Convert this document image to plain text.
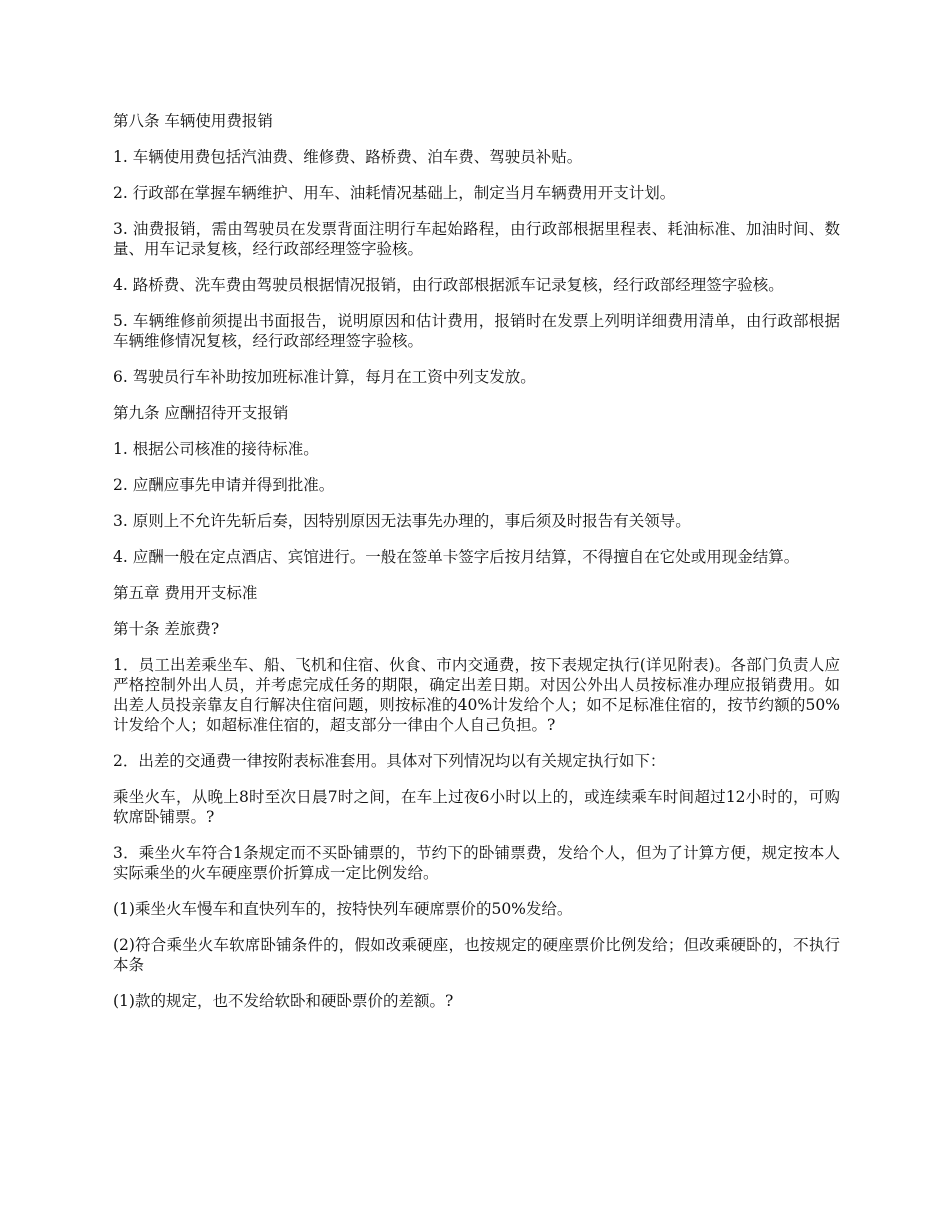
第八条 车辆使用费报销

1. 车辆使用费包括汽油费、维修费、路桥费、泊车费、驾驶员补贴。

2. 行政部在掌握车辆维护、用车、油耗情况基础上，制定当月车辆费用开支计划。

3. 油费报销，需由驾驶员在发票背面注明行车起始路程，由行政部根据里程表、耗油标准、加油时间、数量、用车记录复核，经行政部经理签字验核。

4. 路桥费、洗车费由驾驶员根据情况报销，由行政部根据派车记录复核，经行政部经理签字验核。

5. 车辆维修前须提出书面报告，说明原因和估计费用，报销时在发票上列明详细费用清单，由行政部根据车辆维修情况复核，经行政部经理签字验核。

6. 驾驶员行车补助按加班标准计算，每月在工资中列支发放。

第九条 应酬招待开支报销

1. 根据公司核准的接待标准。

2. 应酬应事先申请并得到批准。

3. 原则上不允许先斩后奏，因特别原因无法事先办理的，事后须及时报告有关领导。

4. 应酬一般在定点酒店、宾馆进行。一般在签单卡签字后按月结算，不得擅自在它处或用现金结算。

第五章 费用开支标准

第十条 差旅费?

1．员工出差乘坐车、船、飞机和住宿、伙食、市内交通费，按下表规定执行(详见附表)。各部门负责人应严格控制外出人员，并考虑完成任务的期限，确定出差日期。对因公外出人员按标准办理应报销费用。如出差人员投亲靠友自行解决住宿问题，则按标准的40%计发给个人；如不足标准住宿的，按节约额的50%计发给个人；如超标准住宿的，超支部分一律由个人自己负担。?

2．出差的交通费一律按附表标准套用。具体对下列情况均以有关规定执行如下：

乘坐火车，从晚上8时至次日晨7时之间，在车上过夜6小时以上的，或连续乘车时间超过12小时的，可购软席卧铺票。?

3．乘坐火车符合1条规定而不买卧铺票的，节约下的卧铺票费，发给个人，但为了计算方便，规定按本人实际乘坐的火车硬座票价折算成一定比例发给。

(1)乘坐火车慢车和直快列车的，按特快列车硬席票价的50%发给。

(2)符合乘坐火车软席卧铺条件的，假如改乘硬座，也按规定的硬座票价比例发给；但改乘硬卧的，不执行本条

(1)款的规定，也不发给软卧和硬卧票价的差额。?
